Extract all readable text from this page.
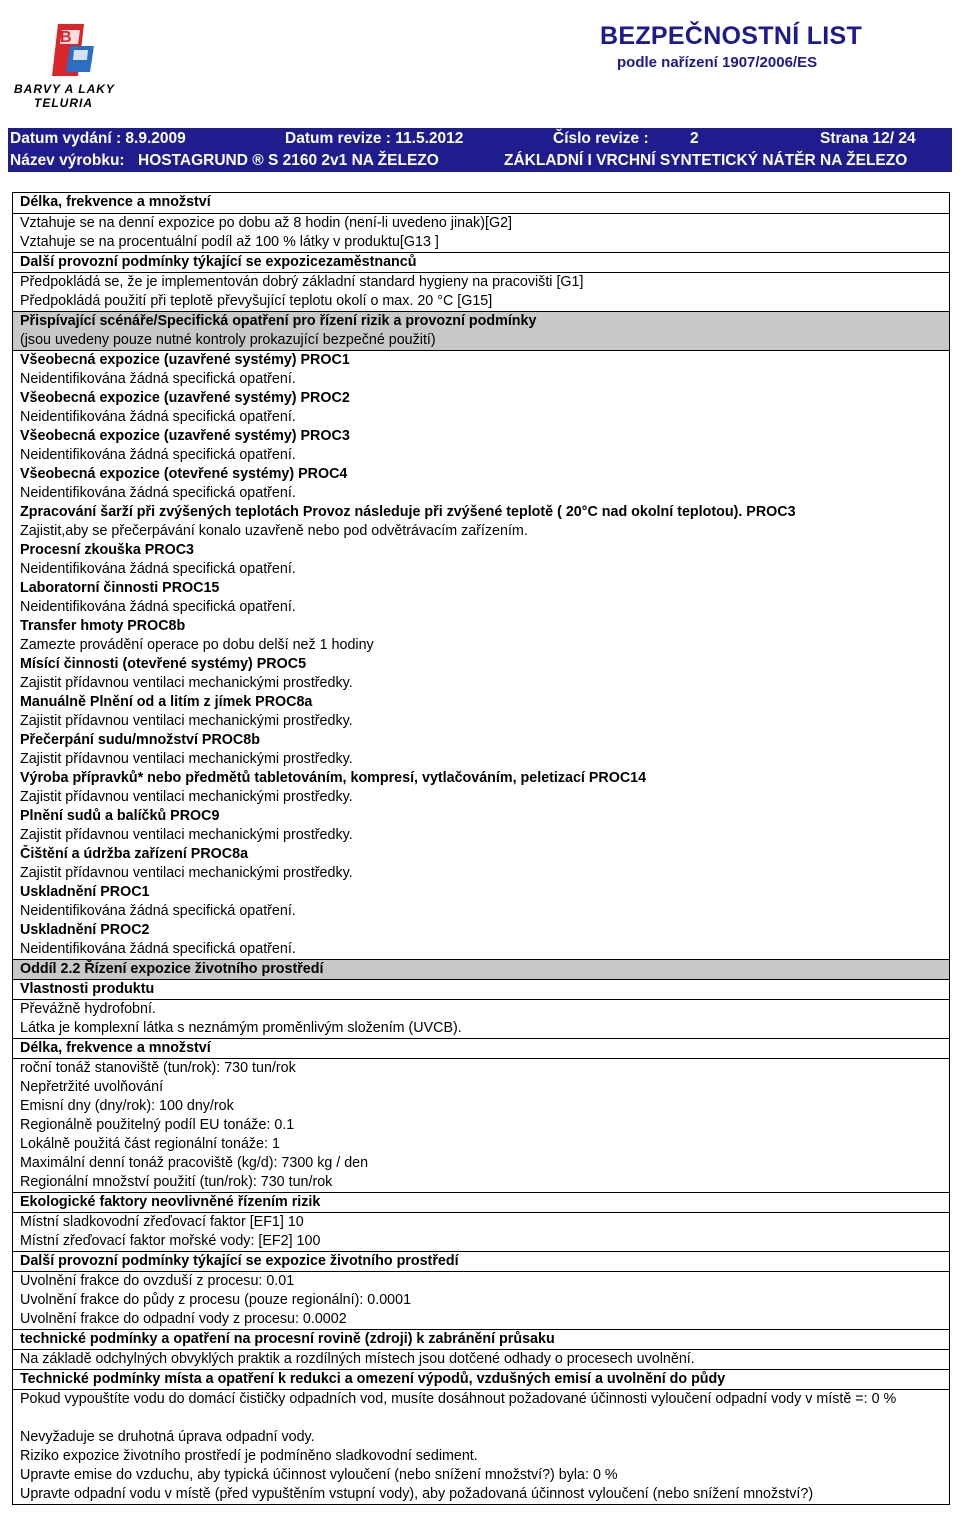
B
BARVY A LAKY
TELURIA
BEZPEČNOSTNÍ LIST
podle nařízení 1907/2006/ES
Datum vydání : 8.9.2009	Datum revize : 11.5.2012	Číslo revize :	2	Strana 12/ 24
Název výrobku: HOSTAGRUND ® S 2160 2v1 NA ŽELEZO	ZÁKLADNÍ I VRCHNÍ SYNTETICKÝ NÁTĚR NA ŽELEZO
Délka, frekvence a množství
Vztahuje se na denní expozice po dobu až 8 hodin (není-li uvedeno jinak)[G2]
Vztahuje se na procentuální podíl až 100 % látky v produktu[G13 ]
Další provozní podmínky týkající se expozicezaměstnanců
Předpokládá se, že je implementován dobrý základní standard hygieny na pracovišti [G1]
Předpokládá použití při teplotě převyšující teplotu okolí o max. 20 °C [G15]
Přispívající scénáře/Specifická opatření pro řízení rizik a provozní podmínky
(jsou uvedeny pouze nutné kontroly prokazující bezpečné použití)
Všeobecná expozice (uzavřené systémy) PROC1
Neidentifikována žádná specifická opatření.
Všeobecná expozice (uzavřené systémy) PROC2
Neidentifikována žádná specifická opatření.
Všeobecná expozice (uzavřené systémy) PROC3
Neidentifikována žádná specifická opatření.
Všeobecná expozice (otevřené systémy) PROC4
Neidentifikována žádná specifická opatření.
Zpracování šarží při zvýšených teplotách Provoz následuje při zvýšené teplotě ( 20°C nad okolní teplotou). PROC3
Zajistit,aby se přečerpávání konalo uzavřeně nebo pod odvětrávacím zařízením.
Procesní zkouška PROC3
Neidentifikována žádná specifická opatření.
Laboratorní činnosti PROC15
Neidentifikována žádná specifická opatření.
Transfer hmoty PROC8b
Zamezte provádění operace po dobu delší než 1 hodiny
Mísící činnosti (otevřené systémy) PROC5
Zajistit přídavnou ventilaci mechanickými prostředky.
Manuálně Plnění od a litím z jímek PROC8a
Zajistit přídavnou ventilaci mechanickými prostředky.
Přečerpání sudu/množství PROC8b
Zajistit přídavnou ventilaci mechanickými prostředky.
Výroba přípravků* nebo předmětů tabletováním, kompresí, vytlačováním, peletizací PROC14
Zajistit přídavnou ventilaci mechanickými prostředky.
Plnění sudů a balíčků PROC9
Zajistit přídavnou ventilaci mechanickými prostředky.
Čištění a údržba zařízení PROC8a
Zajistit přídavnou ventilaci mechanickými prostředky.
Uskladnění PROC1
Neidentifikována žádná specifická opatření.
Uskladnění PROC2
Neidentifikována žádná specifická opatření.
Oddíl 2.2 Řízení expozice životního prostředí
Vlastnosti produktu
Převážně hydrofobní.
Látka je komplexní látka s neznámým proměnlivým složením (UVCB).
Délka, frekvence a množství
roční tonáž stanoviště (tun/rok): 730 tun/rok
Nepřetržité uvolňování
Emisní dny (dny/rok): 100 dny/rok
Regionálně použitelný podíl EU tonáže: 0.1
Lokálně použitá část regionální tonáže: 1
Maximální denní tonáž pracoviště (kg/d): 7300 kg / den
Regionální množství použití (tun/rok): 730 tun/rok
Ekologické faktory neovlivněné řízením rizik
Místní sladkovodní zřeďovací faktor [EF1] 10
Místní zřeďovací faktor mořské vody: [EF2] 100
Další provozní podmínky týkající se expozice životního prostředí
Uvolnění frakce do ovzduší z procesu: 0.01
Uvolnění frakce do půdy z procesu (pouze regionální): 0.0001
Uvolnění frakce do odpadní vody z procesu: 0.0002
technické podmínky a opatření na procesní rovině (zdroji) k zabránění průsaku
Na základě odchylných obvyklých praktik a rozdílných místech jsou dotčené odhady o procesech uvolnění.
Technické podmínky místa a opatření k redukci a omezení výpodů, vzdušných emisí a uvolnění do půdy
Pokud vypouštíte vodu do domácí čističky odpadních vod, musíte dosáhnout požadované účinnosti vyloučení odpadní vody v místě =: 0 %
Nevyžaduje se druhotná úprava odpadní vody.
Riziko expozice životního prostředí je podmíněno sladkovodní sediment.
Upravte emise do vzduchu, aby typická účinnost vyloučení (nebo snížení množství?) byla: 0 %
Upravte odpadní vodu v místě (před vypuštěním vstupní vody), aby požadovaná účinnost vyloučení (nebo snížení množství?)
